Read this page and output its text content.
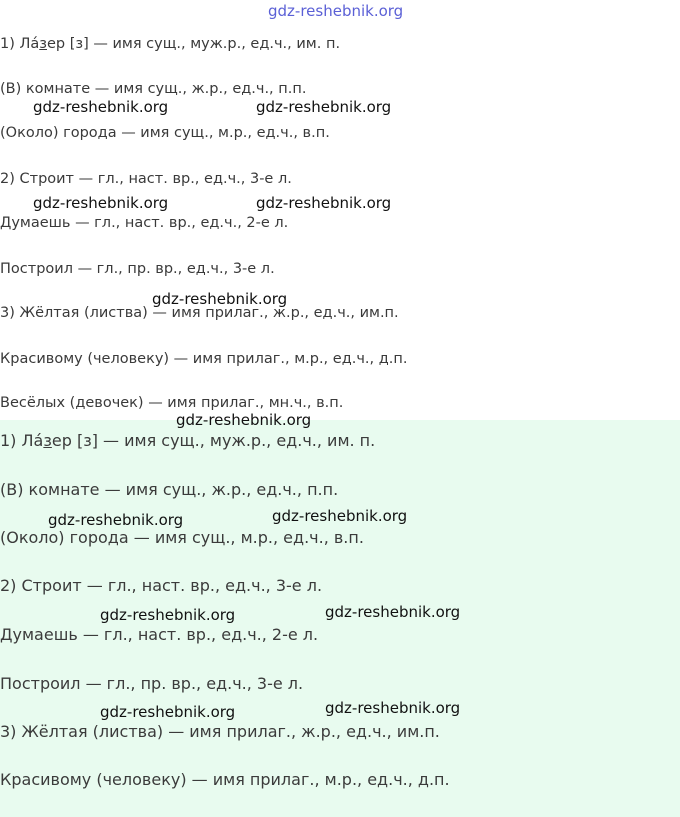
gdz-reshebnik.org

1) Лазер [з] — имя сущ., муж.р., ед.ч., им. п.

(В) комнате — имя сущ., ж.р., ед.ч., п.п.

(Около) города — имя сущ., м.р., ед.ч., в.п.

2) Строит — гл., наст. вр., ед.ч., 3-е л.

Думаешь — гл., наст. вр., ед.ч., 2-е л.

Построил — гл., пр. вр., ед.ч., 3-е л.

3) Жёлтая (листва) — имя прилаг., ж.р., ед.ч., им.п.

Красивому (человеку) — имя прилаг., м.р., ед.ч., д.п.

Весёлых (девочек) — имя прилаг., мн.ч., в.п.

gdz-reshebnik.org	gdz-reshebnik.org
gdz-reshebnik.org	gdz-reshebnik.org
gdz-reshebnik.org

1) Лазер [з] — имя сущ., муж.р., ед.ч., им. п.

(В) комнате — имя сущ., ж.р., ед.ч., п.п.

(Около) города — имя сущ., м.р., ед.ч., в.п.

2) Строит — гл., наст. вр., ед.ч., 3-е л.

Думаешь — гл., наст. вр., ед.ч., 2-е л.

Построил — гл., пр. вр., ед.ч., 3-е л.

3) Жёлтая (листва) — имя прилаг., ж.р., ед.ч., им.п.

Красивому (человеку) — имя прилаг., м.р., ед.ч., д.п.

gdz-reshebnik.org
gdz-reshebnik.org	gdz-reshebnik.org
gdz-reshebnik.org	gdz-reshebnik.org
gdz-reshebnik.org	gdz-reshebnik.org
